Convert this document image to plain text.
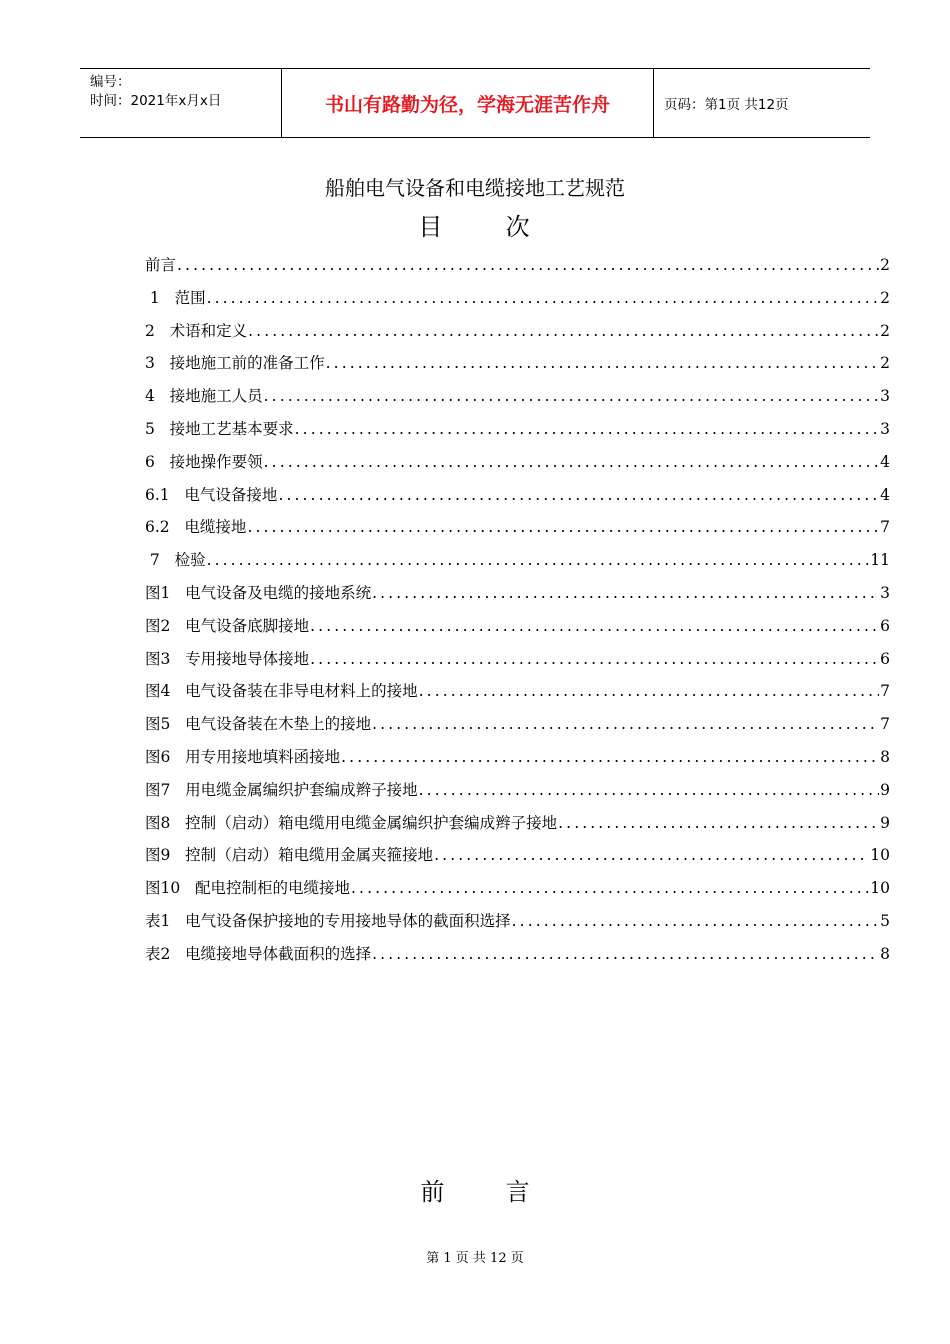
编号：
时间：2021年x月x日	书山有路勤为径，学海无涯苦作舟	页码：第1页 共12页
船舶电气设备和电缆接地工艺规范
目	次
前言 .....	2
1   范围 .....	2
2   术语和定义 .....	2
3   接地施工前的准备工作 .....	2
4   接地施工人员 .....	3
5   接地工艺基本要求 .....	3
6   接地操作要领 .....	4
6.1   电气设备接地 .....	4
6.2   电缆接地 .....	7
7   检验 .....	11
图1   电气设备及电缆的接地系统 .....	3
图2   电气设备底脚接地 .....	6
图3   专用接地导体接地 .....	6
图4   电气设备装在非导电材料上的接地 .....	7
图5   电气设备装在木垫上的接地 .....	7
图6   用专用接地填料函接地 .....	8
图7   用电缆金属编织护套编成辫子接地 .....	9
图8   控制（启动）箱电缆用电缆金属编织护套编成辫子接地 .....	9
图9   控制（启动）箱电缆用金属夹箍接地 .....	10
图10   配电控制柜的电缆接地 .....	10
表1   电气设备保护接地的专用接地导体的截面积选择 .....	5
表2   电缆接地导体截面积的选择 .....	8
前	言
第 1 页 共 12 页
